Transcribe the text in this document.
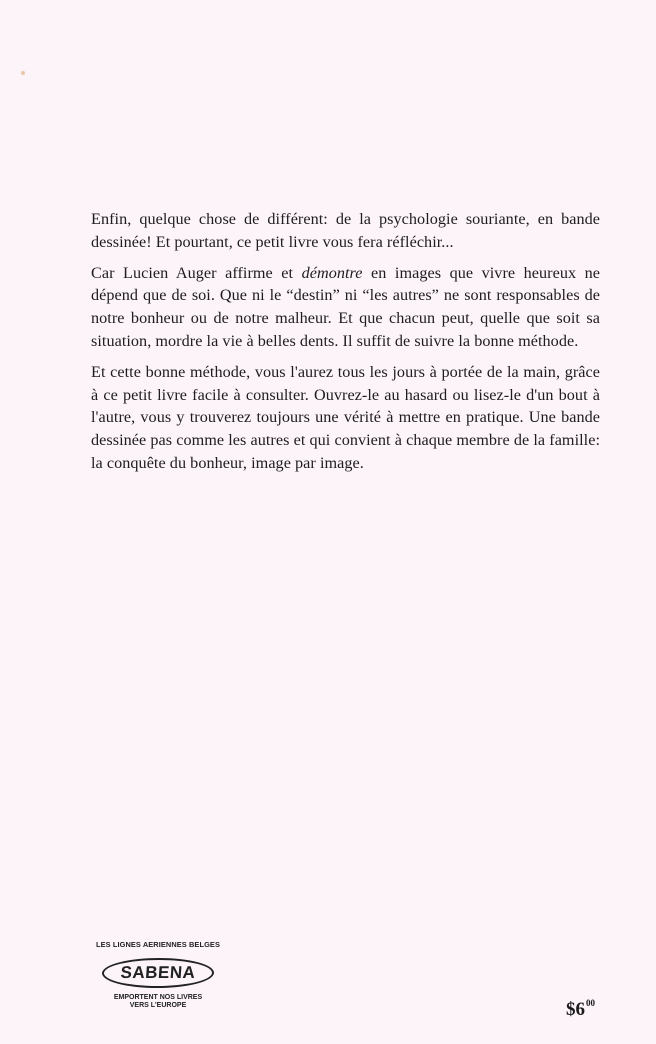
Enfin, quelque chose de différent: de la psychologie souriante, en bande dessinée! Et pourtant, ce petit livre vous fera réfléchir...

Car Lucien Auger affirme et démontre en images que vivre heureux ne dépend que de soi. Que ni le “destin” ni “les autres” ne sont responsables de notre bonheur ou de notre malheur. Et que chacun peut, quelle que soit sa situation, mordre la vie à belles dents. Il suffit de suivre la bonne méthode.

Et cette bonne méthode, vous l'aurez tous les jours à portée de la main, grâce à ce petit livre facile à consulter. Ouvrez-le au hasard ou lisez-le d'un bout à l'autre, vous y trouverez toujours une vérité à mettre en pratique. Une bande dessinée pas comme les autres et qui convient à chaque membre de la famille: la conquête du bonheur, image par image.

LES LIGNES AERIENNES BELGES
SABENA
EMPORTENT NOS LIVRES
VERS L'EUROPE	$\$6^{00}$
